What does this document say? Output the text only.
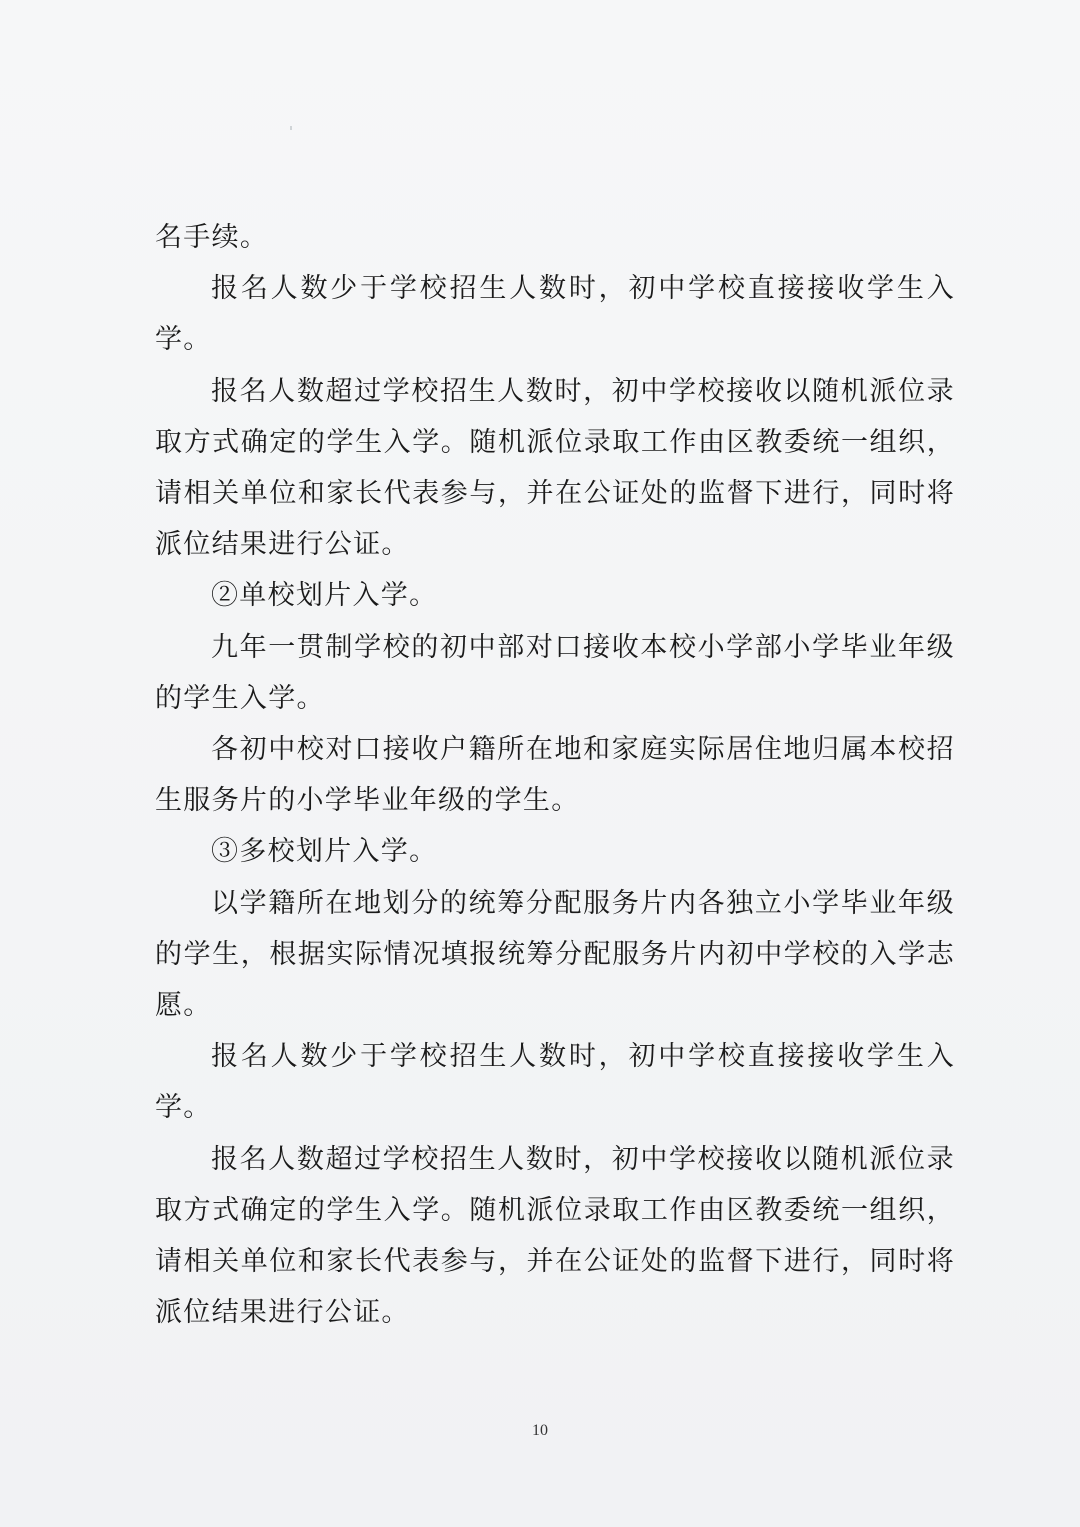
名手续。

报名人数少于学校招生人数时，初中学校直接接收学生入学。

报名人数超过学校招生人数时，初中学校接收以随机派位录取方式确定的学生入学。随机派位录取工作由区教委统一组织，请相关单位和家长代表参与，并在公证处的监督下进行，同时将派位结果进行公证。

②单校划片入学。

九年一贯制学校的初中部对口接收本校小学部小学毕业年级的学生入学。

各初中校对口接收户籍所在地和家庭实际居住地归属本校招生服务片的小学毕业年级的学生。

③多校划片入学。

以学籍所在地划分的统筹分配服务片内各独立小学毕业年级的学生，根据实际情况填报统筹分配服务片内初中学校的入学志愿。

报名人数少于学校招生人数时，初中学校直接接收学生入学。

报名人数超过学校招生人数时，初中学校接收以随机派位录取方式确定的学生入学。随机派位录取工作由区教委统一组织，请相关单位和家长代表参与，并在公证处的监督下进行，同时将派位结果进行公证。

10
